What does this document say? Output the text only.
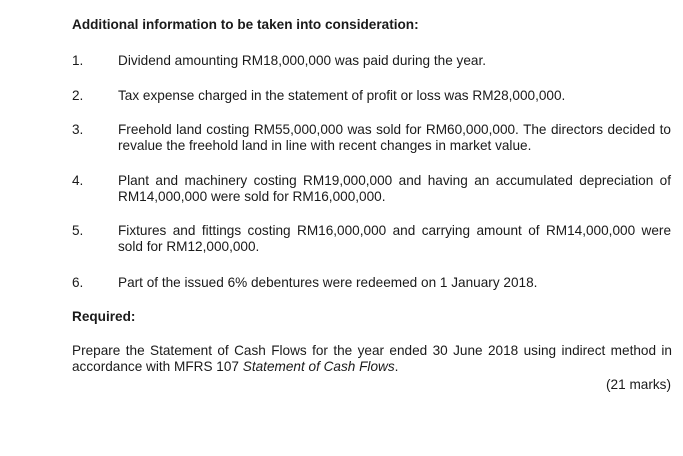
Additional information to be taken into consideration:
1.	Dividend amounting RM18,000,000 was paid during the year.
2.	Tax expense charged in the statement of profit or loss was RM28,000,000.
3.	Freehold land costing RM55,000,000 was sold for RM60,000,000. The directors decided to revalue the freehold land in line with recent changes in market value.
4.	Plant and machinery costing RM19,000,000 and having an accumulated depreciation of RM14,000,000 were sold for RM16,000,000.
5.	Fixtures and fittings costing RM16,000,000 and carrying amount of RM14,000,000 were sold for RM12,000,000.
6.	Part of the issued 6% debentures were redeemed on 1 January 2018.
Required:
Prepare the Statement of Cash Flows for the year ended 30 June 2018 using indirect method in accordance with MFRS 107 Statement of Cash Flows.
(21 marks)
